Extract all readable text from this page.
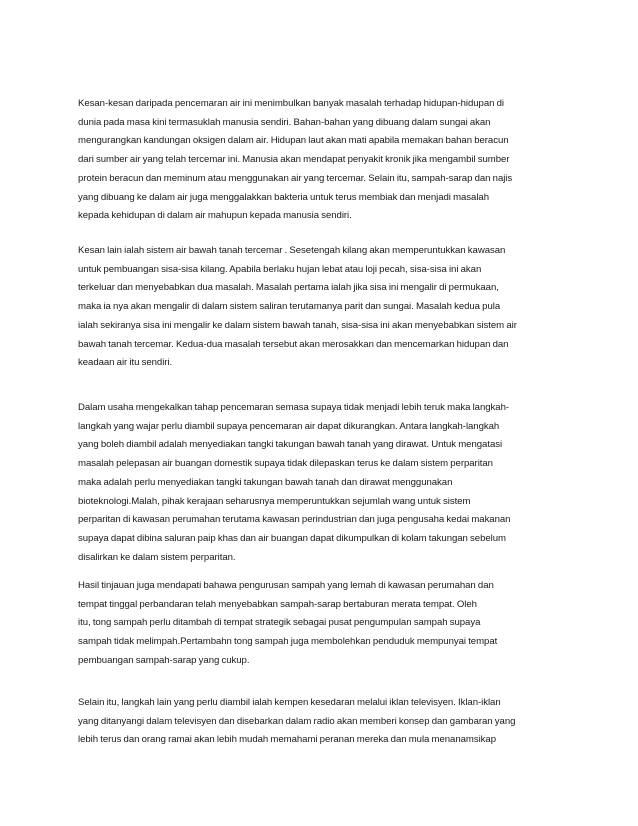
Kesan-kesan daripada pencemaran air ini menimbulkan banyak masalah terhadap hidupan-hidupan di
dunia pada masa kini termasuklah manusia sendiri. Bahan-bahan yang dibuang dalam sungai akan
mengurangkan kandungan oksigen dalam air. Hidupan laut akan mati apabila memakan bahan beracun
dari sumber air yang telah tercemar ini. Manusia akan mendapat penyakit kronik jika mengambil sumber
protein beracun dan meminum atau menggunakan air yang tercemar. Selain itu, sampah-sarap dan najis
yang dibuang ke dalam air juga menggalakkan bakteria untuk terus membiak dan menjadi masalah
kepada kehidupan di dalam air mahupun kepada manusia sendiri.
Kesan lain ialah sistem air bawah tanah tercemar . Sesetengah kilang akan memperuntukkan kawasan
untuk pembuangan sisa-sisa kilang. Apabila berlaku hujan lebat atau loji pecah, sisa-sisa ini akan
terkeluar dan menyebabkan dua masalah. Masalah pertama ialah jika sisa ini mengalir di permukaan,
maka ia nya akan mengalir di dalam sistem saliran terutamanya parit dan sungai. Masalah kedua pula
ialah sekiranya sisa ini mengalir ke dalam sistem bawah tanah, sisa-sisa ini akan menyebabkan sistem air
bawah tanah tercemar. Kedua-dua masalah tersebut akan merosakkan dan mencemarkan hidupan dan
keadaan air itu sendiri.
Dalam usaha mengekalkan tahap pencemaran semasa supaya tidak menjadi lebih teruk maka langkah-
langkah yang wajar perlu diambil supaya pencemaran air dapat dikurangkan. Antara langkah-langkah
yang boleh diambil adalah menyediakan tangki takungan bawah tanah yang dirawat. Untuk mengatasi
masalah pelepasan air buangan domestik supaya tidak dilepaskan terus ke dalam sistem perparitan
maka adalah perlu menyediakan tangki takungan bawah tanah dan dirawat menggunakan
bioteknologi.Malah, pihak kerajaan seharusnya memperuntukkan sejumlah wang untuk sistem
perparitan di kawasan perumahan terutama kawasan perindustrian dan juga pengusaha kedai makanan
supaya dapat dibina saluran paip khas dan air buangan dapat dikumpulkan di kolam takungan sebelum
disalirkan ke dalam sistem perparitan.
Hasil tinjauan juga mendapati bahawa pengurusan sampah yang lemah di kawasan perumahan dan
tempat tinggal perbandaran telah menyebabkan sampah-sarap bertaburan merata tempat. Oleh
itu, tong sampah perlu ditambah di tempat strategik sebagai pusat pengumpulan sampah supaya
sampah tidak melimpah.Pertambahn tong sampah juga membolehkan penduduk mempunyai tempat
pembuangan sampah-sarap yang cukup.
Selain itu, langkah lain yang perlu diambil ialah kempen kesedaran melalui iklan televisyen. Iklan-iklan
yang ditanyangi dalam televisyen dan disebarkan dalam radio akan memberi konsep dan gambaran yang
lebih terus dan orang ramai akan lebih mudah memahami peranan mereka dan mula menanamsikap
